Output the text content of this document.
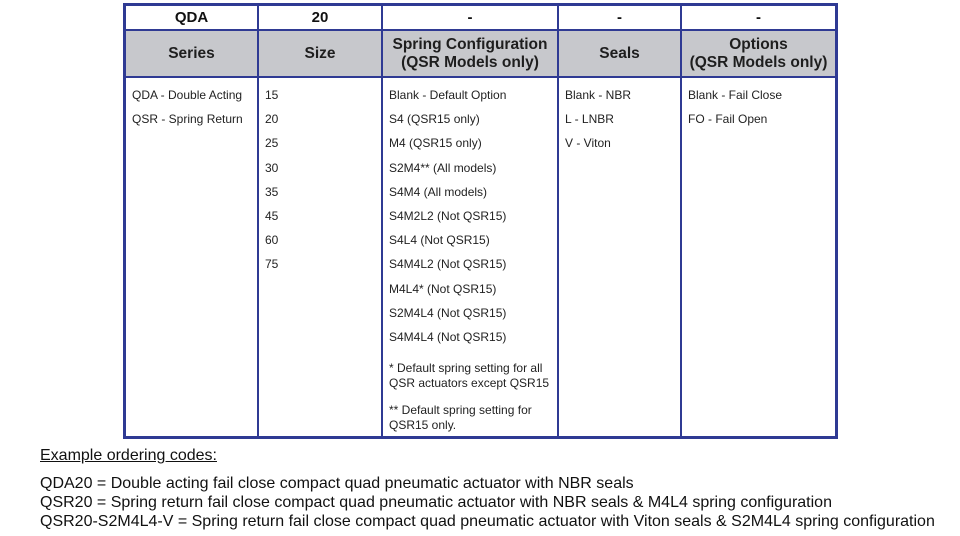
QDA
Series
QDA - Double Acting
QSR - Spring Return
20
Size
15
20
25
30
35
45
60
75
-
Spring Configuration
(QSR Models only)
Blank - Default Option
S4 (QSR15 only)
M4 (QSR15 only)
S2M4** (All models)
S4M4 (All models)
S4M2L2 (Not QSR15)
S4L4 (Not QSR15)
S4M4L2 (Not QSR15)
M4L4* (Not QSR15)
S2M4L4 (Not QSR15)
S4M4L4 (Not QSR15)
* Default spring setting for all
QSR actuators except QSR15
** Default spring setting for
QSR15 only.
-
Seals
Blank - NBR
L - LNBR
V - Viton
-
Options
(QSR Models only)
Blank - Fail Close
FO - Fail Open
Example ordering codes:
QDA20 = Double acting fail close compact quad pneumatic actuator with NBR seals
QSR20 = Spring return fail close compact quad pneumatic actuator with NBR seals & M4L4 spring configuration
QSR20-S2M4L4-V = Spring return fail close compact quad pneumatic actuator with Viton seals & S2M4L4 spring configuration
